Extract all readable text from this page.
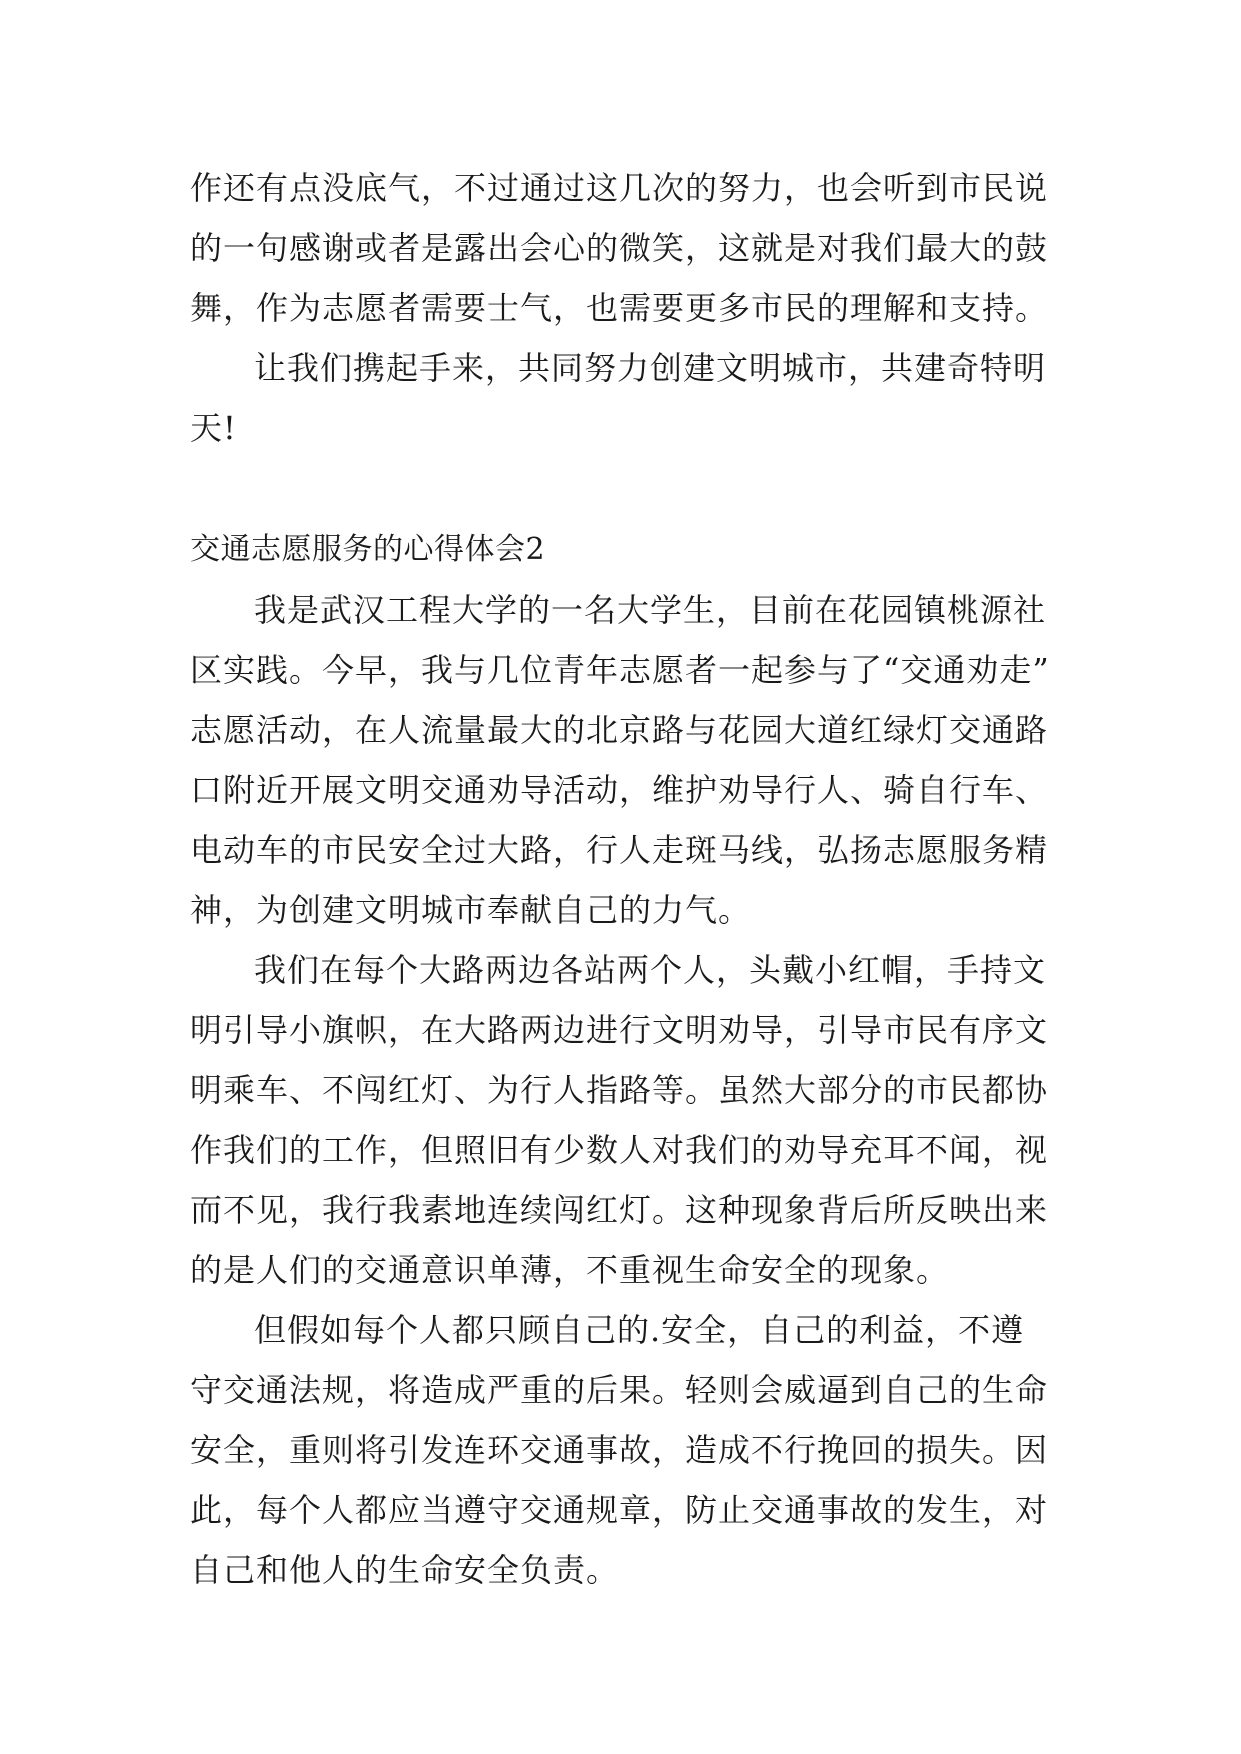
作还有点没底气，不过通过这几次的努力，也会听到市民说
的一句感谢或者是露出会心的微笑，这就是对我们最大的鼓
舞，作为志愿者需要士气，也需要更多市民的理解和支持。
让我们携起手来，共同努力创建文明城市，共建奇特明
天!
交通志愿服务的心得体会2
我是武汉工程大学的一名大学生，目前在花园镇桃源社
区实践。今早，我与几位青年志愿者一起参与了“交通劝走”
志愿活动，在人流量最大的北京路与花园大道红绿灯交通路
口附近开展文明交通劝导活动，维护劝导行人、骑自行车、
电动车的市民安全过大路，行人走斑马线，弘扬志愿服务精
神，为创建文明城市奉献自己的力气。
我们在每个大路两边各站两个人，头戴小红帽，手持文
明引导小旗帜，在大路两边进行文明劝导，引导市民有序文
明乘车、不闯红灯、为行人指路等。虽然大部分的市民都协
作我们的工作，但照旧有少数人对我们的劝导充耳不闻，视
而不见，我行我素地连续闯红灯。这种现象背后所反映出来
的是人们的交通意识单薄，不重视生命安全的现象。
但假如每个人都只顾自己的.安全，自己的利益，不遵
守交通法规，将造成严重的后果。轻则会威逼到自己的生命
安全，重则将引发连环交通事故，造成不行挽回的损失。因
此，每个人都应当遵守交通规章，防止交通事故的发生，对
自己和他人的生命安全负责。
